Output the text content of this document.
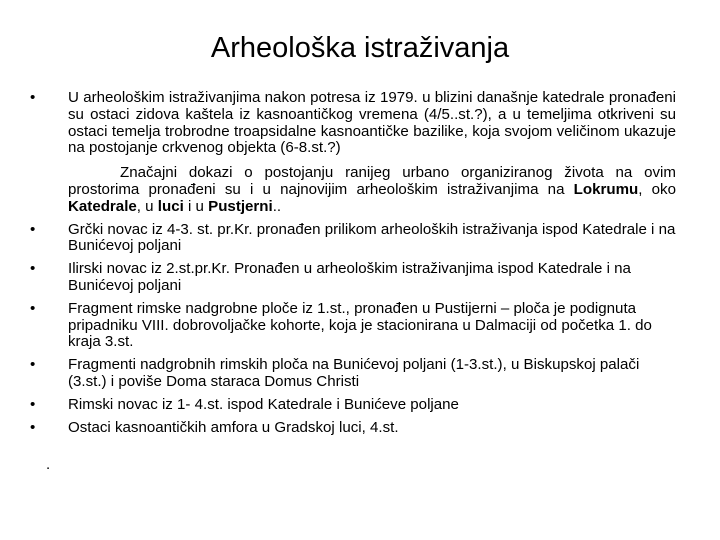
Arheološka istraživanja
•	U arheološkim istraživanjima nakon potresa iz 1979. u blizini današnje katedrale pronađeni su ostaci zidova kaštela iz kasnoantičkog vremena (4/5..st.?), a u temeljima otkriveni su ostaci temelja trobrodne troapsidalne kasnoantičke bazilike, koja svojom veličinom ukazuje na postojanje crkvenog objekta (6-8.st.?)
Značajni dokazi o postojanju ranijeg urbano organiziranog života na ovim prostorima pronađeni su i u najnovijim arheološkim istraživanjima na Lokrumu, oko Katedrale, u luci i u Pustjerni..
•	Grčki novac iz 4-3. st. pr.Kr. pronađen prilikom arheoloških istraživanja ispod Katedrale i na Bunićevoj poljani
•	Ilirski novac iz 2.st.pr.Kr. Pronađen u arheološkim istraživanjima ispod Katedrale i na Bunićevoj poljani
•	Fragment rimske nadgrobne ploče iz 1.st., pronađen u Pustijerni – ploča je podignuta pripadniku VIII. dobrovoljačke kohorte, koja je stacionirana u Dalmaciji od početka 1. do kraja 3.st.
•	Fragmenti nadgrobnih rimskih ploča na Bunićevoj poljani (1-3.st.), u Biskupskoj palači (3.st.) i poviše Doma staraca Domus Christi
•	Rimski novac iz 1- 4.st. ispod Katedrale i Bunićeve poljane
•	Ostaci kasnoantičkih amfora u Gradskoj luci, 4.st.
.
